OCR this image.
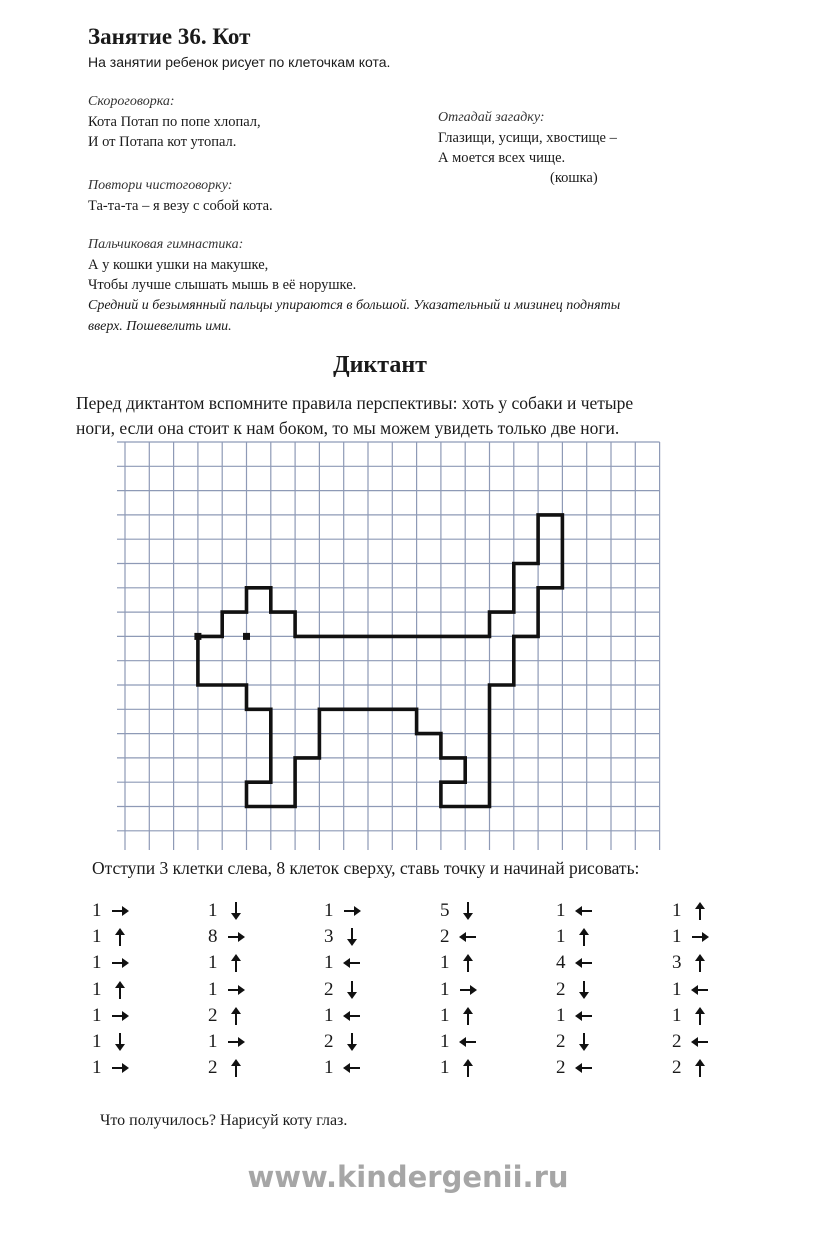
Занятие 36. Кот
На занятии ребенок рисует по клеточкам кота.
Скороговорка:
Кота Потап по попе хлопал,
И от Потапа кот утопал.
Повтори чистоговорку:
Та-та-та – я везу с собой кота.
Пальчиковая гимнастика:
А у кошки ушки на макушке,
Чтобы лучше слышать мышь в её норушке.
Средний и безымянный пальцы упираются в большой. Указательный и мизинец подняты
вверх. Пошевелить ими.
Отгадай загадку:
Глазищи, усищи, хвостище –
А моется всех чище.
(кошка)
Диктант
Перед диктантом вспомните правила перспективы: хоть у собаки и четыре
ноги, если она стоит к нам боком, то мы можем увидеть только две ноги.
Отступи 3 клетки слева, 8 клеток сверху, ставь точку и начинай рисовать:
1
1
1
1
1
1
1
1
8
1
1
2
1
2
1
3
1
2
1
2
1
5
2
1
1
1
1
1
1
1
4
2
1
2
2
1
1
3
1
1
2
2
Что получилось? Нарисуй коту глаз.
www.kindergenii.ru
